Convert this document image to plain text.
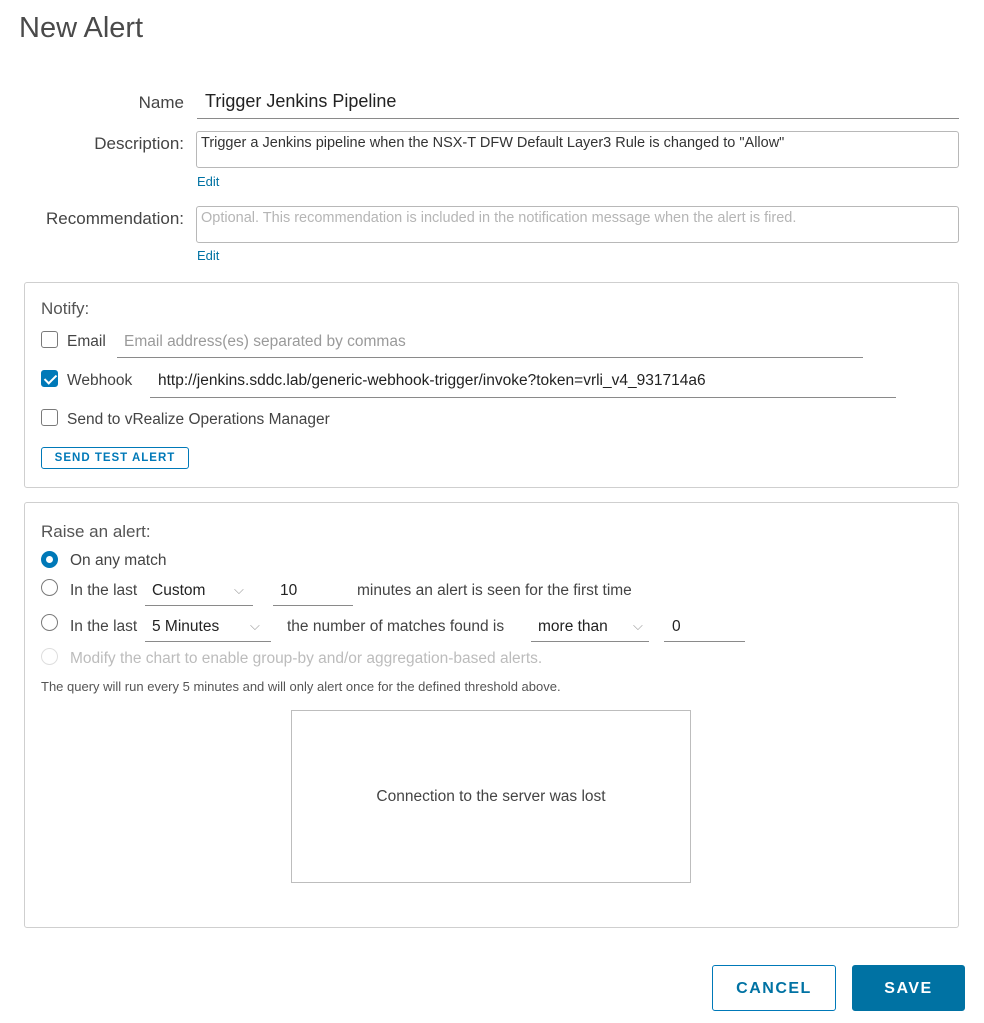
New Alert
Name Trigger Jenkins Pipeline
Description:	Trigger a Jenkins pipeline when the NSX-T DFW Default Layer3 Rule is changed to "Allow"
Edit
Recommendation:	Optional. This recommendation is included in the notification message when the alert is fired.
Edit
Notify:
Email Email address(es) separated by commas
Webhook http://jenkins.sddc.lab/generic-webhook-trigger/invoke?token=vrli_v4_931714a6
Send to vRealize Operations Manager
SEND TEST ALERT
Raise an alert:
On any match
In the last Custom ⌵ 10	minutes an alert is seen for the first time
In the last 5 Minutes ⌵ the number of matches found is more than ⌵ 0
Modify the chart to enable group-by and/or aggregation-based alerts.
The query will run every 5 minutes and will only alert once for the defined threshold above.
Connection to the server was lost
CANCEL	SAVE
